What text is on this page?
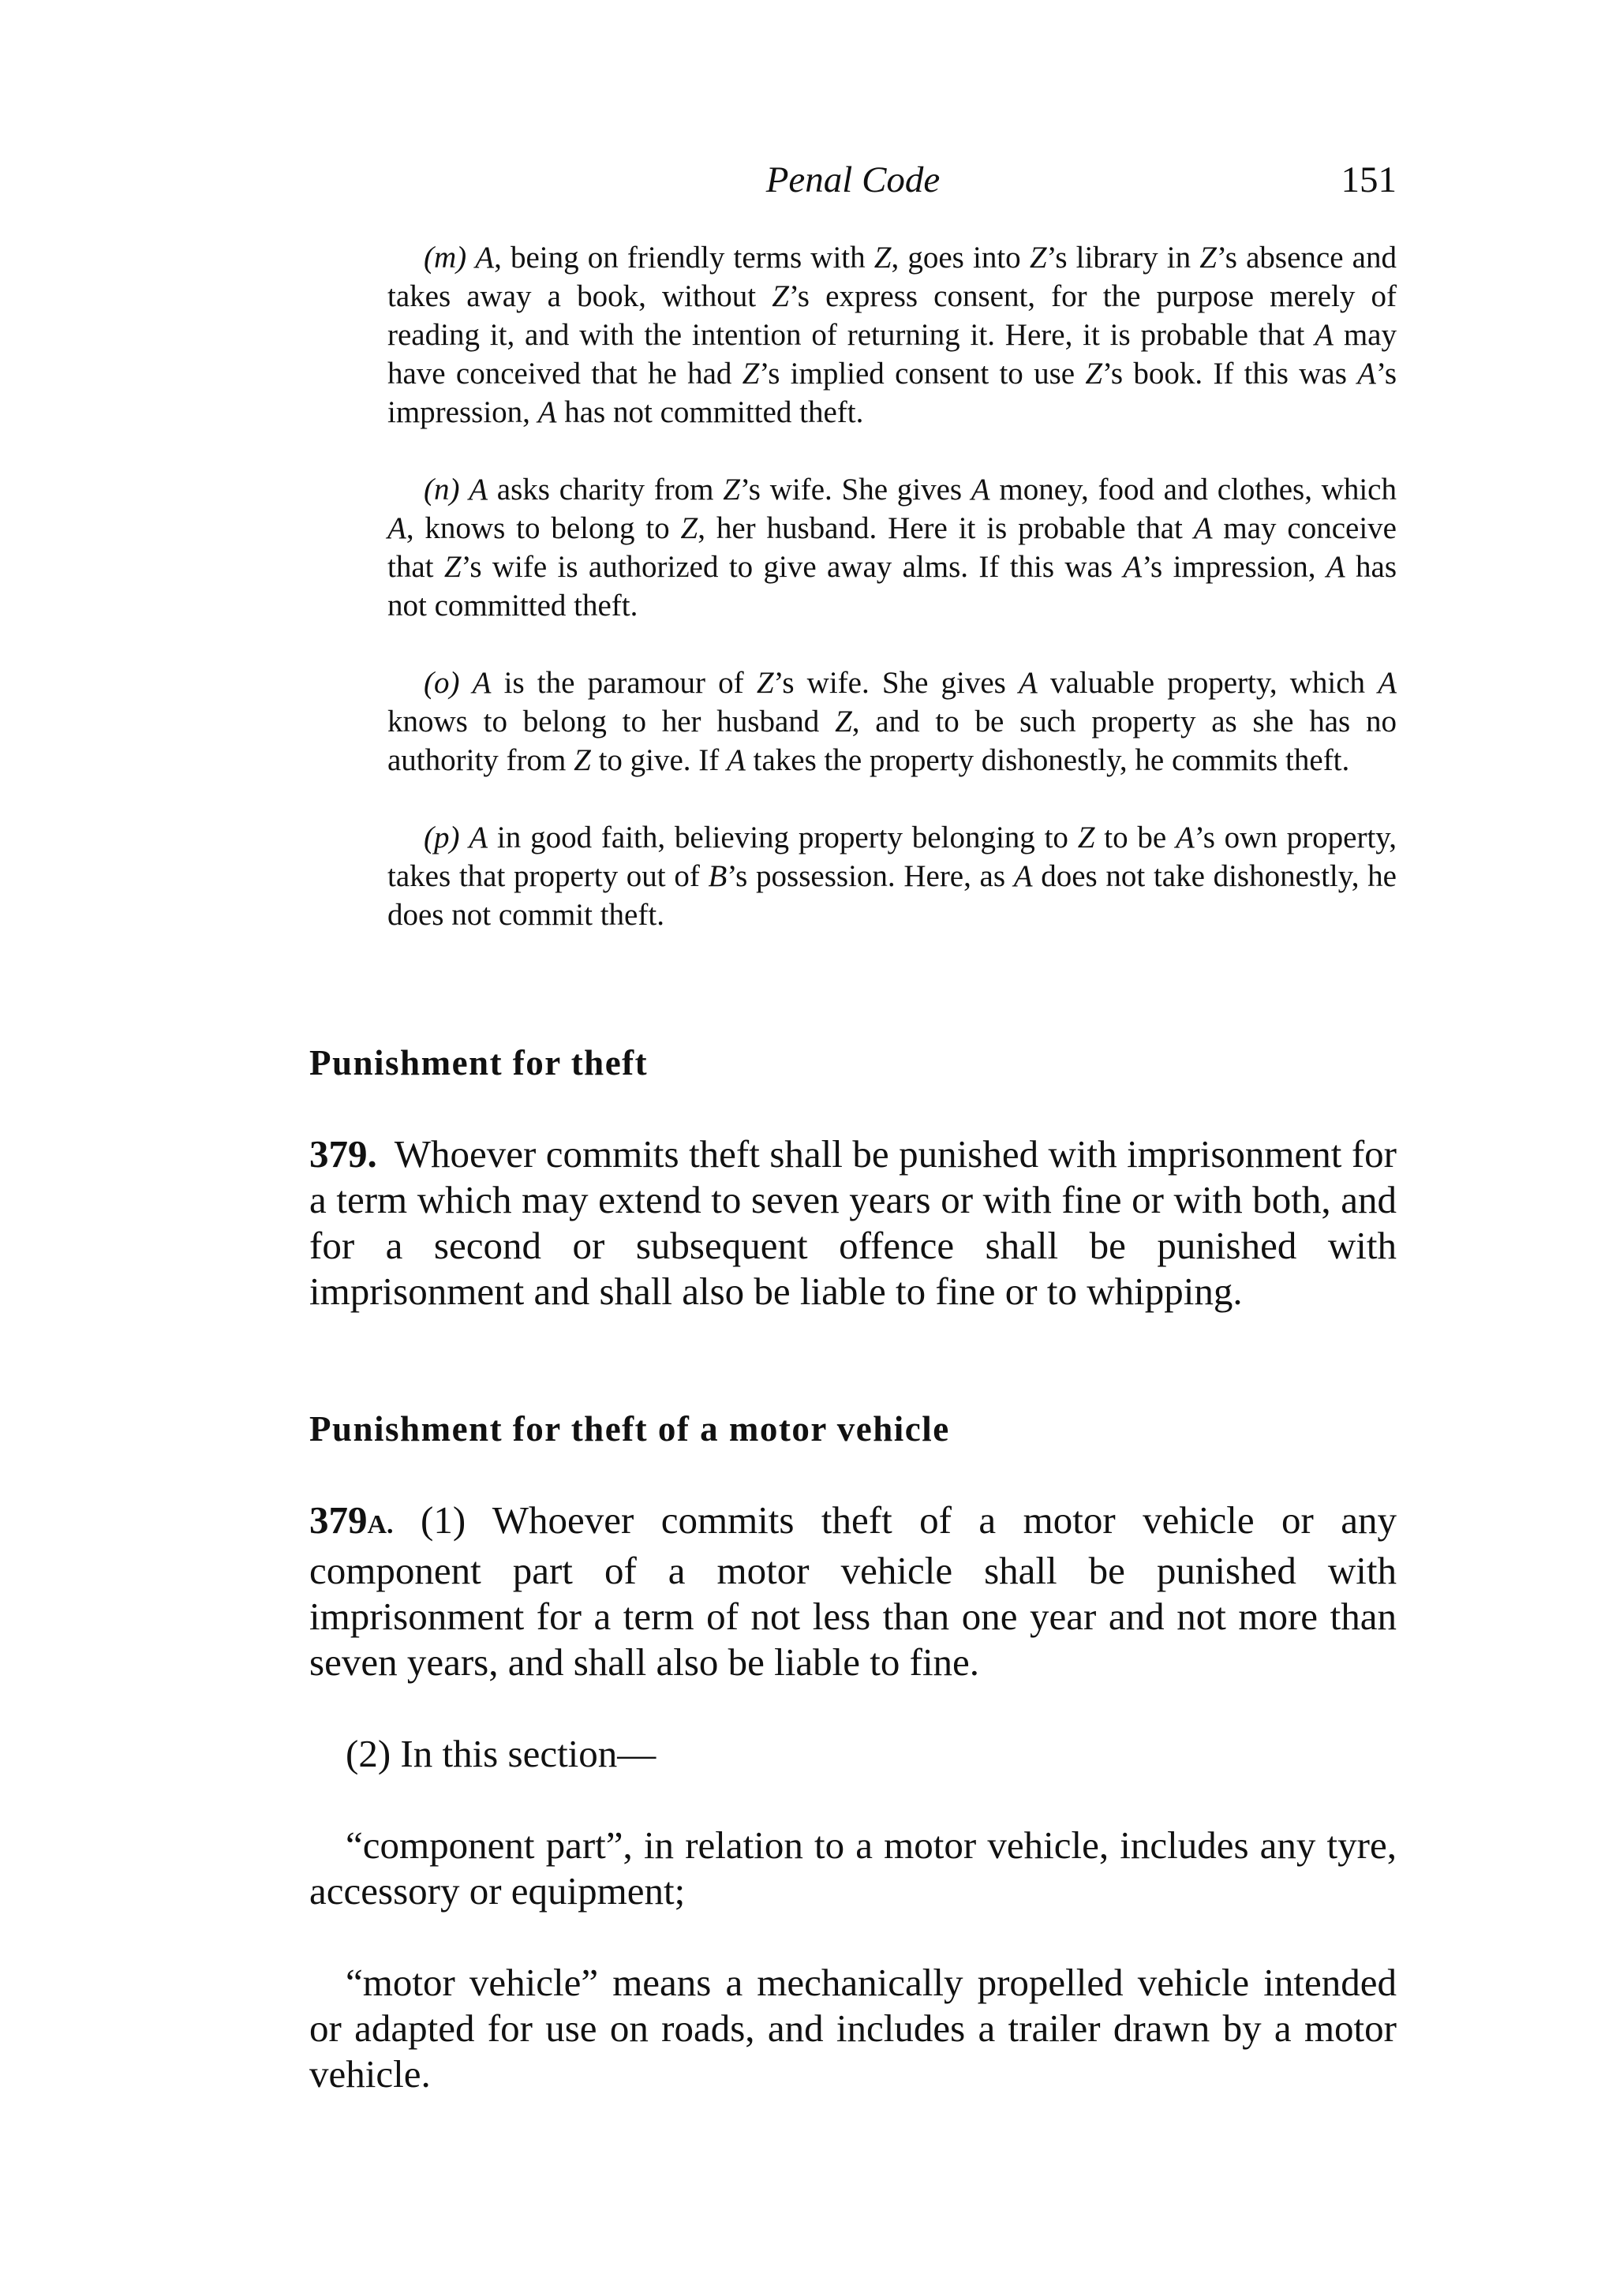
Penal Code	151

(m) A, being on friendly terms with Z, goes into Z’s library in Z’s absence and takes away a book, without Z’s express consent, for the purpose merely of reading it, and with the intention of returning it. Here, it is probable that A may have conceived that he had Z’s implied consent to use Z’s book. If this was A’s impression, A has not committed theft.

(n) A asks charity from Z’s wife. She gives A money, food and clothes, which A, knows to belong to Z, her husband. Here it is probable that A may conceive that Z’s wife is authorized to give away alms. If this was A’s impression, A has not committed theft.

(o) A is the paramour of Z’s wife. She gives A valuable property, which A knows to belong to her husband Z, and to be such property as she has no authority from Z to give. If A takes the property dishonestly, he commits theft.

(p) A in good faith, believing property belonging to Z to be A’s own property, takes that property out of B’s possession. Here, as A does not take dishonestly, he does not commit theft.

Punishment for theft

379. Whoever commits theft shall be punished with imprisonment for a term which may extend to seven years or with fine or with both, and for a second or subsequent offence shall be punished with imprisonment and shall also be liable to fine or to whipping.

Punishment for theft of a motor vehicle

379A. (1) Whoever commits theft of a motor vehicle or any component part of a motor vehicle shall be punished with imprisonment for a term of not less than one year and not more than seven years, and shall also be liable to fine.

(2) In this section—

“component part”, in relation to a motor vehicle, includes any tyre, accessory or equipment;

“motor vehicle” means a mechanically propelled vehicle intended or adapted for use on roads, and includes a trailer drawn by a motor vehicle.
